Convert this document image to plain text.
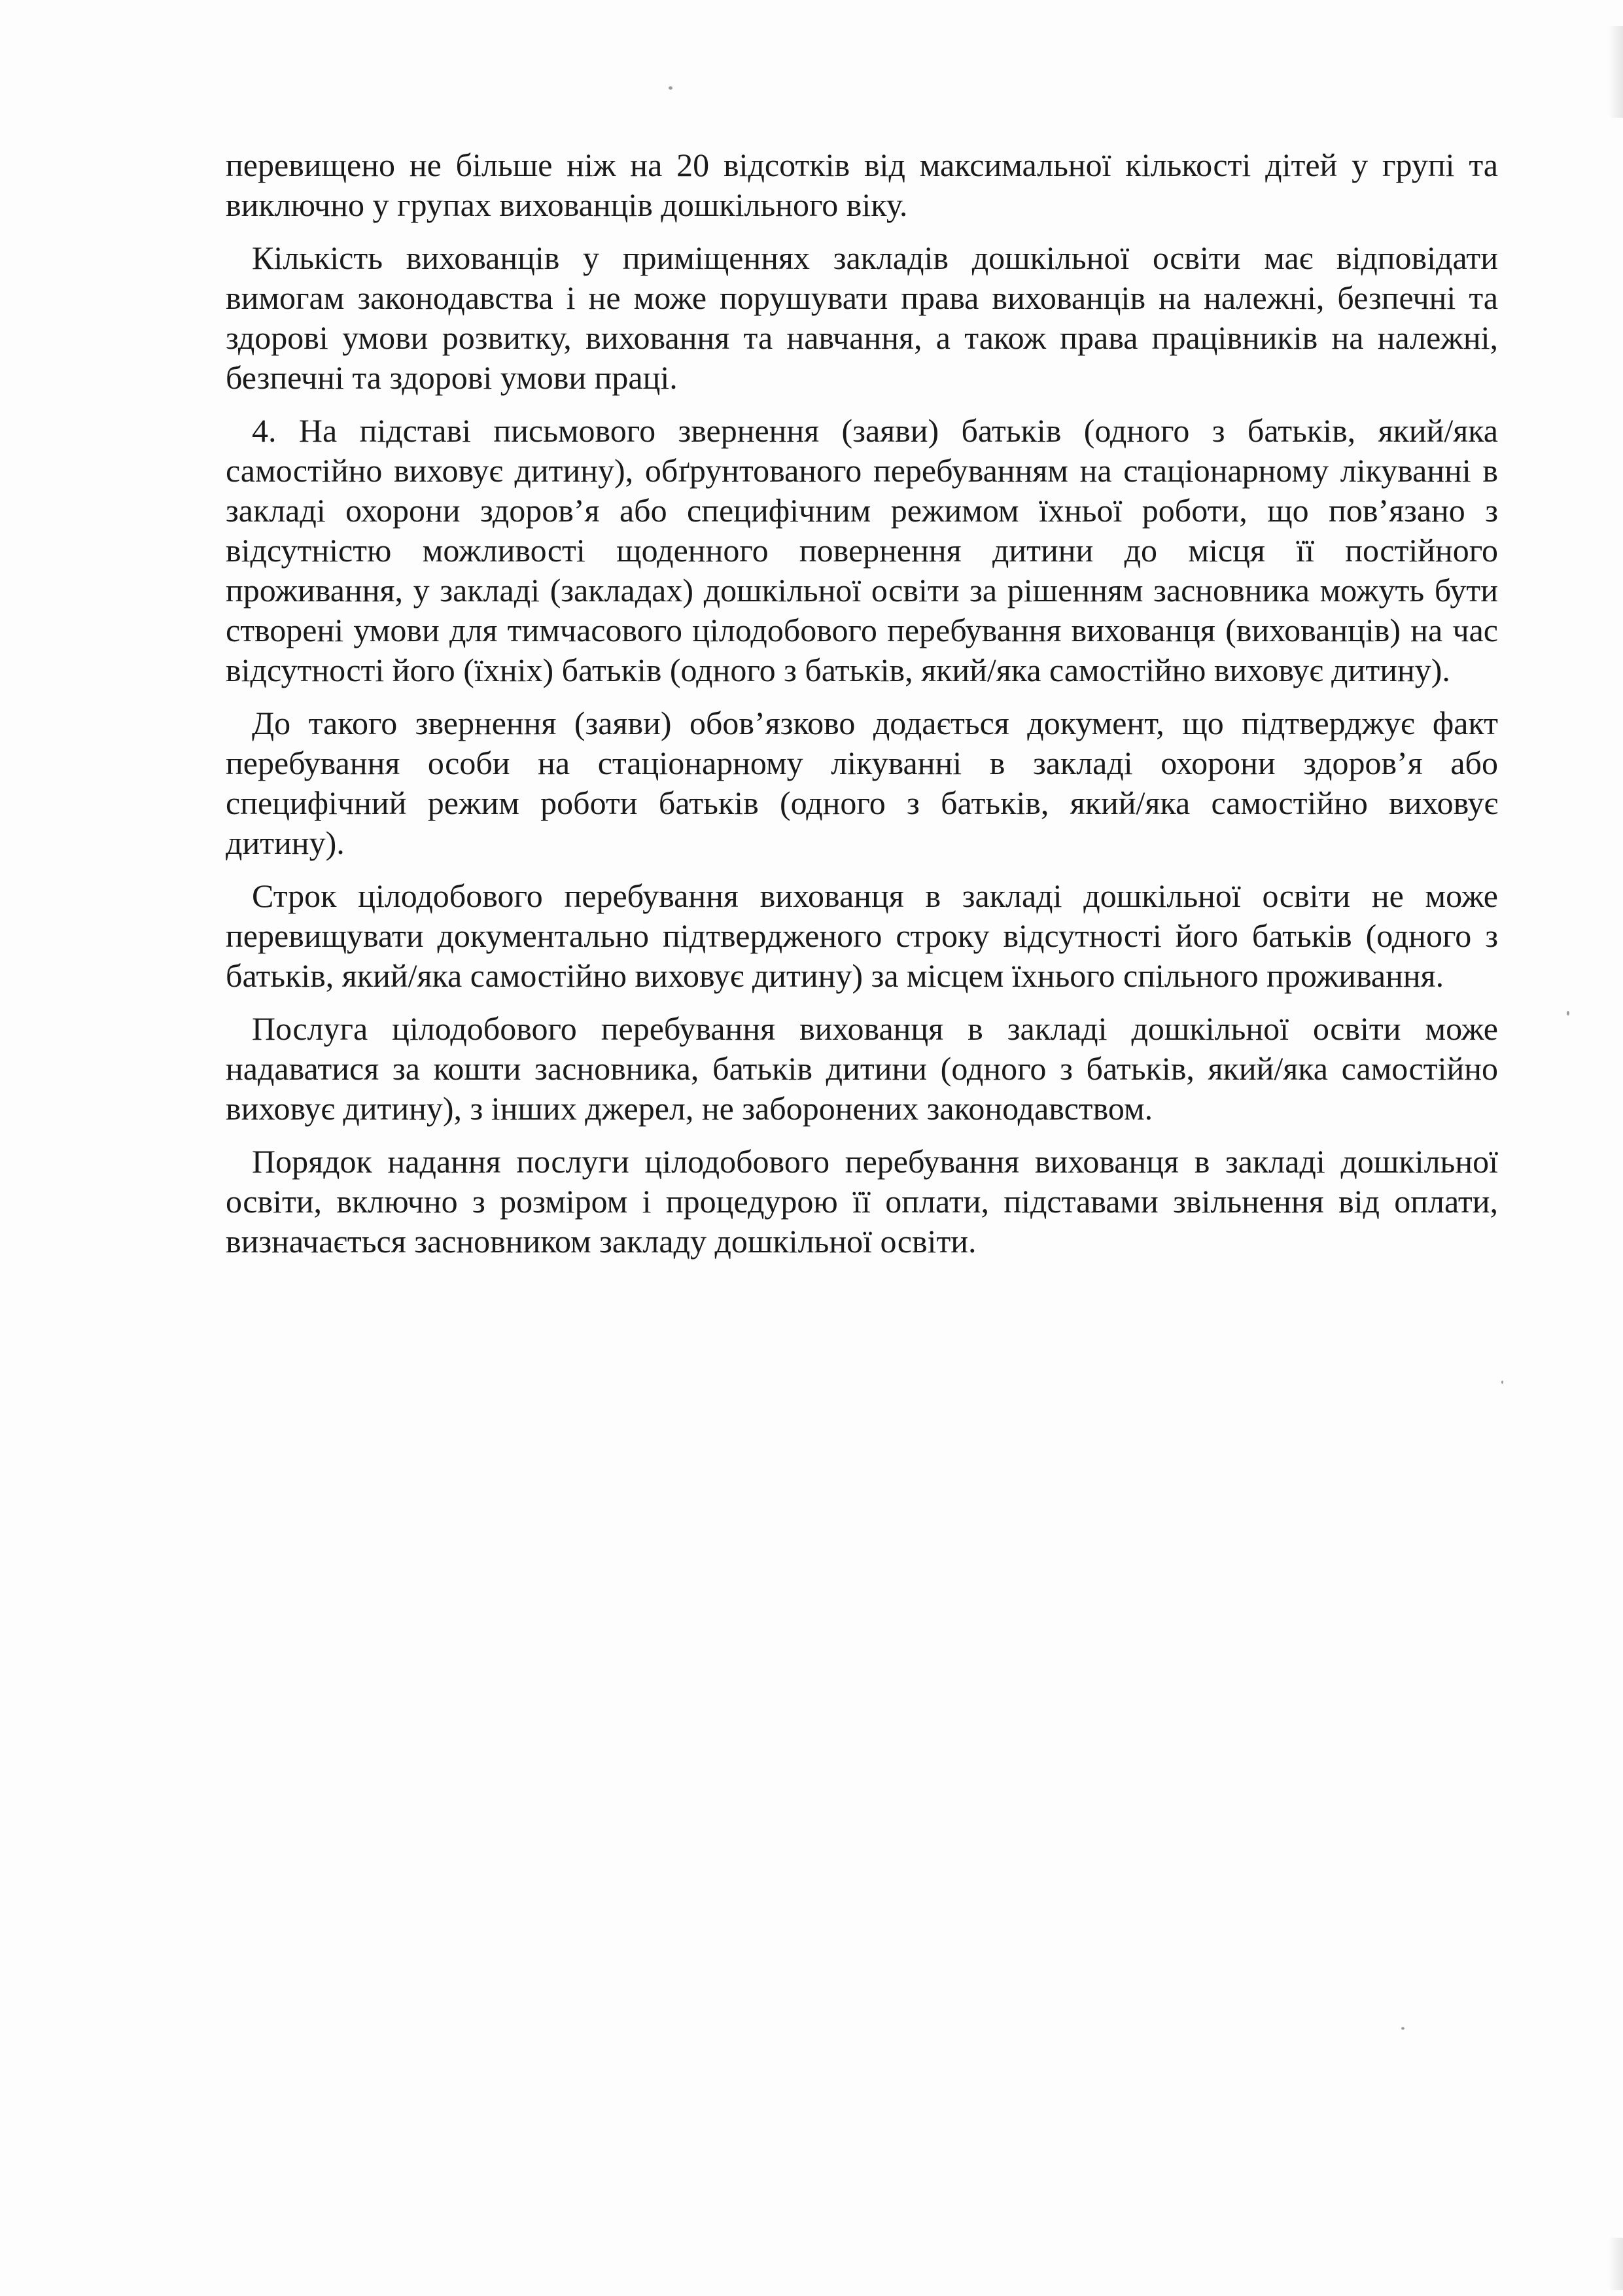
перевищено не більше ніж на 20 відсотків від максимальної кількості дітей у групі та виключно у групах вихованців дошкільного віку.

Кількість вихованців у приміщеннях закладів дошкільної освіти має відповідати вимогам законодавства і не може порушувати права вихованців на належні, безпечні та здорові умови розвитку, виховання та навчання, а також права працівників на належні, безпечні та здорові умови праці.

4. На підставі письмового звернення (заяви) батьків (одного з батьків, який/яка самостійно виховує дитину), обґрунтованого перебуванням на стаціонарному лікуванні в закладі охорони здоров’я або специфічним режимом їхньої роботи, що пов’язано з відсутністю можливості щоденного повернення дитини до місця її постійного проживання, у закладі (закладах) дошкільної освіти за рішенням засновника можуть бути створені умови для тимчасового цілодобового перебування вихованця (вихованців) на час відсутності його (їхніх) батьків (одного з батьків, який/яка самостійно виховує дитину).

До такого звернення (заяви) обов’язково додається документ, що підтверджує факт перебування особи на стаціонарному лікуванні в закладі охорони здоров’я або специфічний режим роботи батьків (одного з батьків, який/яка самостійно виховує дитину).

Строк цілодобового перебування вихованця в закладі дошкільної освіти не може перевищувати документально підтвердженого строку відсутності його батьків (одного з батьків, який/яка самостійно виховує дитину) за місцем їхнього спільного проживання.

Послуга цілодобового перебування вихованця в закладі дошкільної освіти може надаватися за кошти засновника, батьків дитини (одного з батьків, який/яка самостійно виховує дитину), з інших джерел, не заборонених законодавством.

Порядок надання послуги цілодобового перебування вихованця в закладі дошкільної освіти, включно з розміром і процедурою її оплати, підставами звільнення від оплати, визначається засновником закладу дошкільної освіти.
